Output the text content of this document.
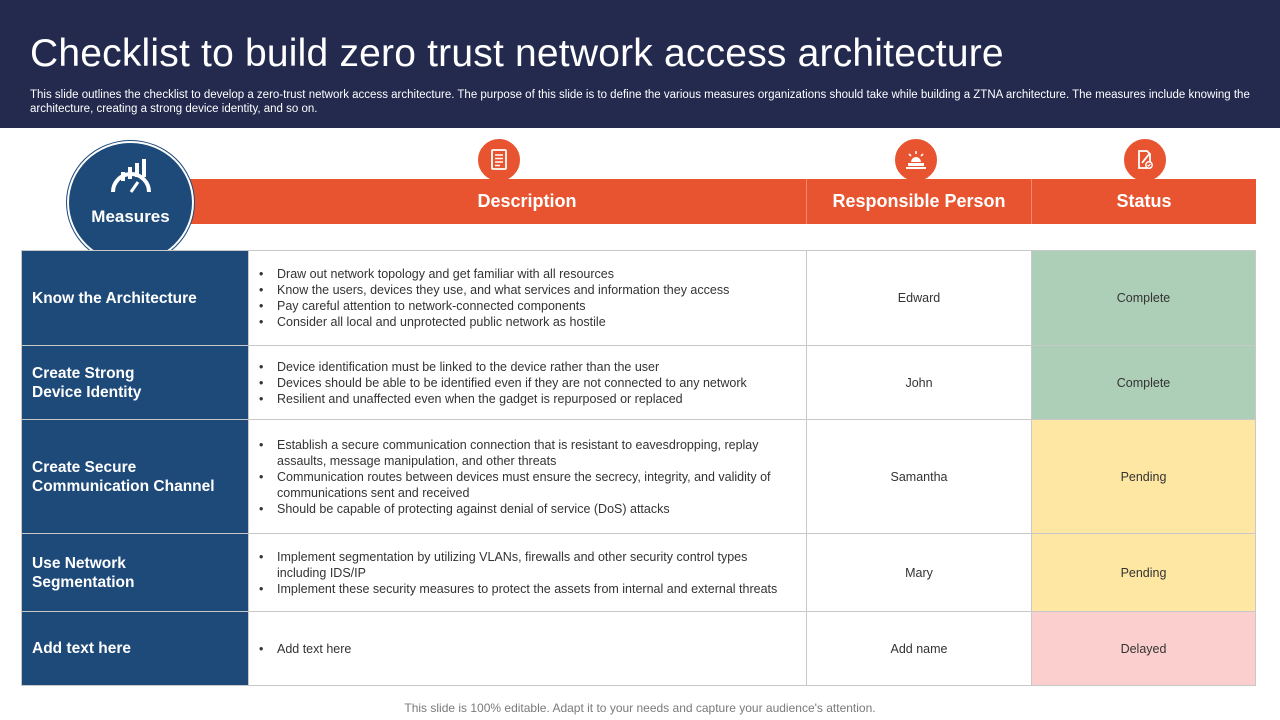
Checklist to build zero trust network access architecture

This slide outlines the checklist to develop a zero-trust network access architecture. The purpose of this slide is to define the various measures organizations should take while building a ZTNA architecture. The measures include knowing the architecture, creating a strong device identity, and so on.

Description	Responsible Person	Status
Measures
Know the Architecture
• Draw out network topology and get familiar with all resources
• Know the users, devices they use, and what services and information they access
• Pay careful attention to network-connected components
• Consider all local and unprotected public network as hostile
Edward	Complete
Create Strong Device Identity
• Device identification must be linked to the device rather than the user
• Devices should be able to be identified even if they are not connected to any network
• Resilient and unaffected even when the gadget is repurposed or replaced
John	Complete
Create Secure Communication Channel
• Establish a secure communication connection that is resistant to eavesdropping, replay assaults, message manipulation, and other threats
• Communication routes between devices must ensure the secrecy, integrity, and validity of communications sent and received
• Should be capable of protecting against denial of service (DoS) attacks
Samantha	Pending
Use Network Segmentation
• Implement segmentation by utilizing VLANs, firewalls and other security control types including IDS/IP
• Implement these security measures to protect the assets from internal and external threats
Mary	Pending
Add text here
•	Add text here	Add name	Delayed
This slide is 100% editable. Adapt it to your needs and capture your audience's attention.
